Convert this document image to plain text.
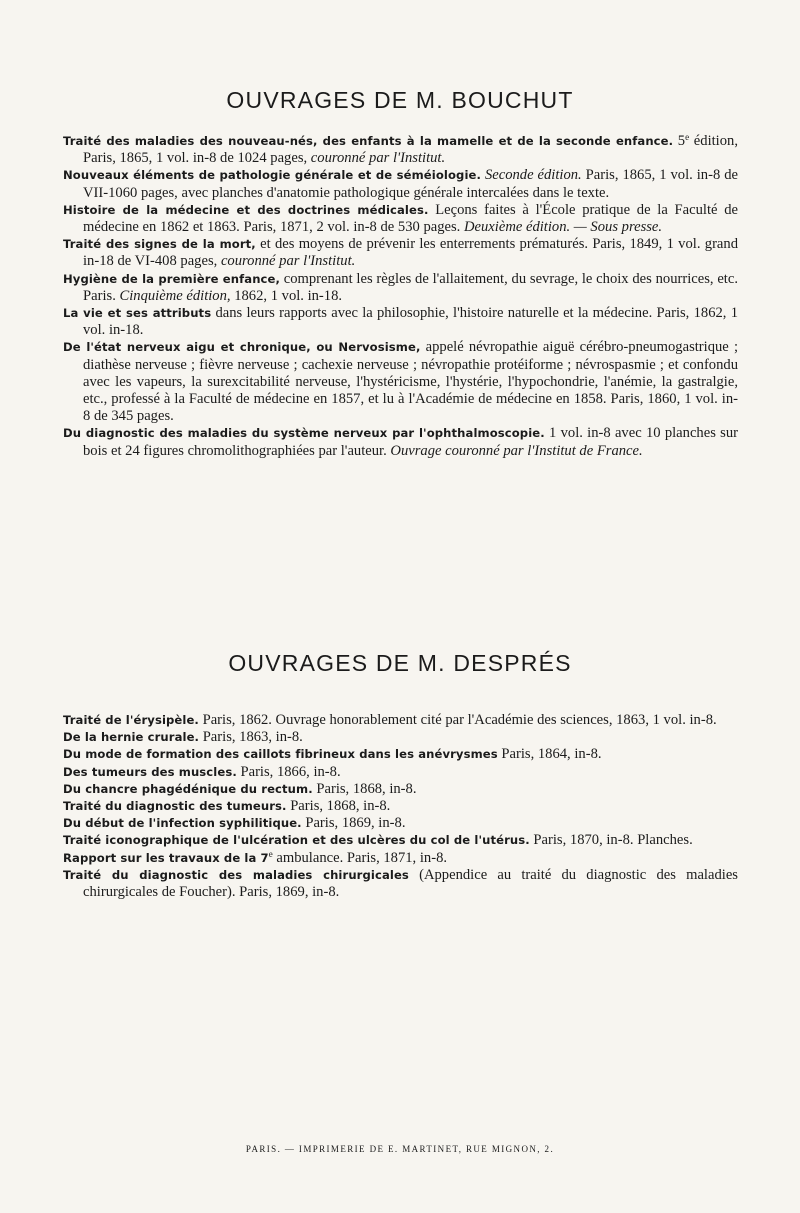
OUVRAGES DE M. BOUCHUT

Traité des maladies des nouveau-nés, des enfants à la mamelle et de la seconde enfance. 5e édition, Paris, 1865, 1 vol. in-8 de 1024 pages, couronné par l'Institut.

Nouveaux éléments de pathologie générale et de séméiologie. Seconde édition. Paris, 1865, 1 vol. in-8 de VII-1060 pages, avec planches d'anatomie pathologique générale intercalées dans le texte.

Histoire de la médecine et des doctrines médicales. Leçons faites à l'École pratique de la Faculté de médecine en 1862 et 1863. Paris, 1871, 2 vol. in-8 de 530 pages. Deuxième édition. — Sous presse.

Traité des signes de la mort, et des moyens de prévenir les enterrements prématurés. Paris, 1849, 1 vol. grand in-18 de VI-408 pages, couronné par l'Institut.

Hygiène de la première enfance, comprenant les règles de l'allaitement, du sevrage, le choix des nourrices, etc. Paris. Cinquième édition, 1862, 1 vol. in-18.

La vie et ses attributs dans leurs rapports avec la philosophie, l'histoire naturelle et la médecine. Paris, 1862, 1 vol. in-18.

De l'état nerveux aigu et chronique, ou Nervosisme, appelé névropathie aiguë cérébro-pneumogastrique ; diathèse nerveuse ; fièvre nerveuse ; cachexie nerveuse ; névropathie protéiforme ; névrospasmie ; et confondu avec les vapeurs, la surexcitabilité nerveuse, l'hystéricisme, l'hystérie, l'hypochondrie, l'anémie, la gastralgie, etc., professé à la Faculté de médecine en 1857, et lu à l'Académie de médecine en 1858. Paris, 1860, 1 vol. in-8 de 345 pages.

Du diagnostic des maladies du système nerveux par l'ophthalmoscopie. 1 vol. in-8 avec 10 planches sur bois et 24 figures chromolithographiées par l'auteur. Ouvrage couronné par l'Institut de France.

OUVRAGES DE M. DESPRÉS

Traité de l'érysipèle. Paris, 1862. Ouvrage honorablement cité par l'Académie des sciences, 1863, 1 vol. in-8.

De la hernie crurale. Paris, 1863, in-8.

Du mode de formation des caillots fibrineux dans les anévrysmes Paris, 1864, in-8.

Des tumeurs des muscles. Paris, 1866, in-8.

Du chancre phagédénique du rectum. Paris, 1868, in-8.

Traité du diagnostic des tumeurs. Paris, 1868, in-8.

Du début de l'infection syphilitique. Paris, 1869, in-8.

Traité iconographique de l'ulcération et des ulcères du col de l'utérus. Paris, 1870, in-8. Planches.

Rapport sur les travaux de la 7e ambulance. Paris, 1871, in-8.

Traité du diagnostic des maladies chirurgicales (Appendice au traité du diagnostic des maladies chirurgicales de Foucher). Paris, 1869, in-8.

PARIS. — IMPRIMERIE DE E. MARTINET, RUE MIGNON, 2.
